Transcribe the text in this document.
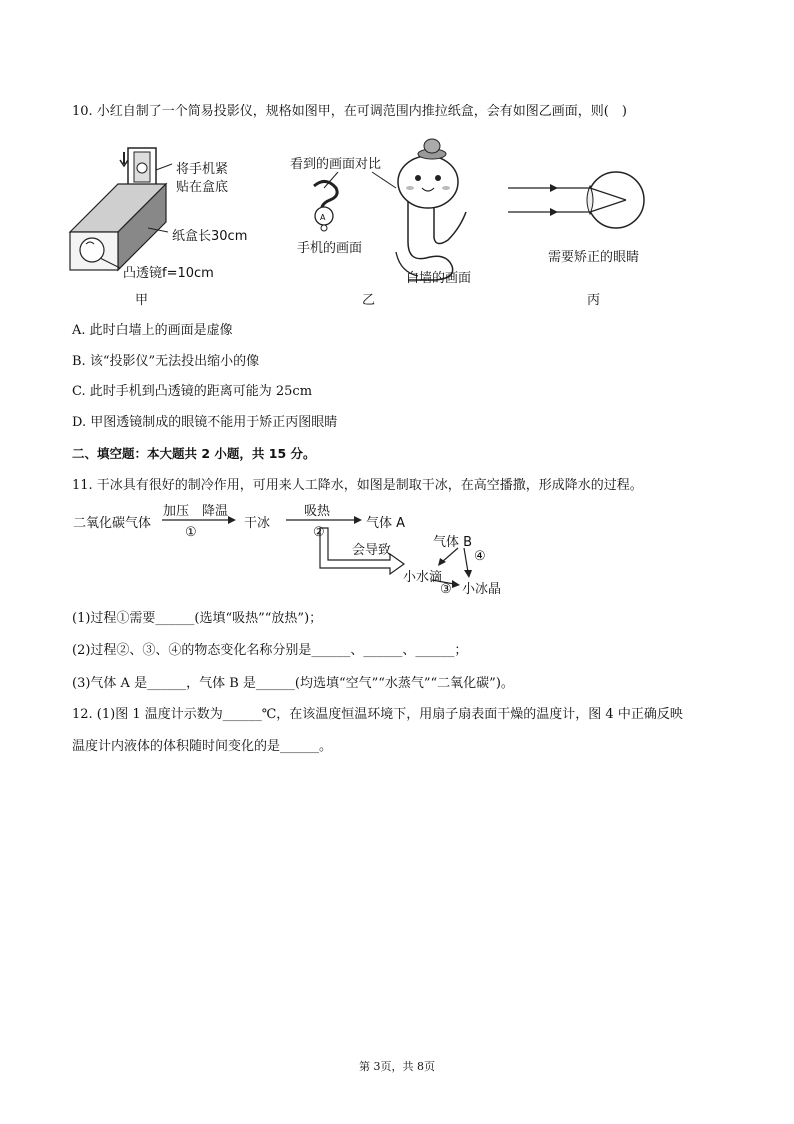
10. 小红自制了一个简易投影仪，规格如图甲，在可调范围内推拉纸盒，会有如图乙画面，则(　)
将手机紧
贴在盒底
纸盒长30cm
凸透镜f=10cm
甲
看到的画面对比
A
手机的画面
白墙的画面
乙
需要矫正的眼睛
丙
A. 此时白墙上的画面是虚像
B. 该“投影仪”无法投出缩小的像
C. 此时手机到凸透镜的距离可能为 25cm
D. 甲图透镜制成的眼镜不能用于矫正丙图眼睛
二、填空题：本大题共 2 小题，共 15 分。
11. 干冰具有很好的制冷作用，可用来人工降水，如图是制取干冰，在高空播撒，形成降水的过程。
二氧化碳气体
加压　降温
①
干冰
吸热
②
气体 A
会导致
气体 B
④
小水滴
③ 小冰晶
(1)过程①需要______(选填“吸热”“放热”)；
(2)过程②、③、④的物态变化名称分别是______、______、______；
(3)气体 A 是______，气体 B 是______(均选填“空气”“水蒸气”“二氧化碳”)。
12. (1)图 1 温度计示数为______℃，在该温度恒温环境下，用扇子扇表面干燥的温度计，图 4 中正确反映
温度计内液体的体积随时间变化的是______。
第 3页，共 8页
